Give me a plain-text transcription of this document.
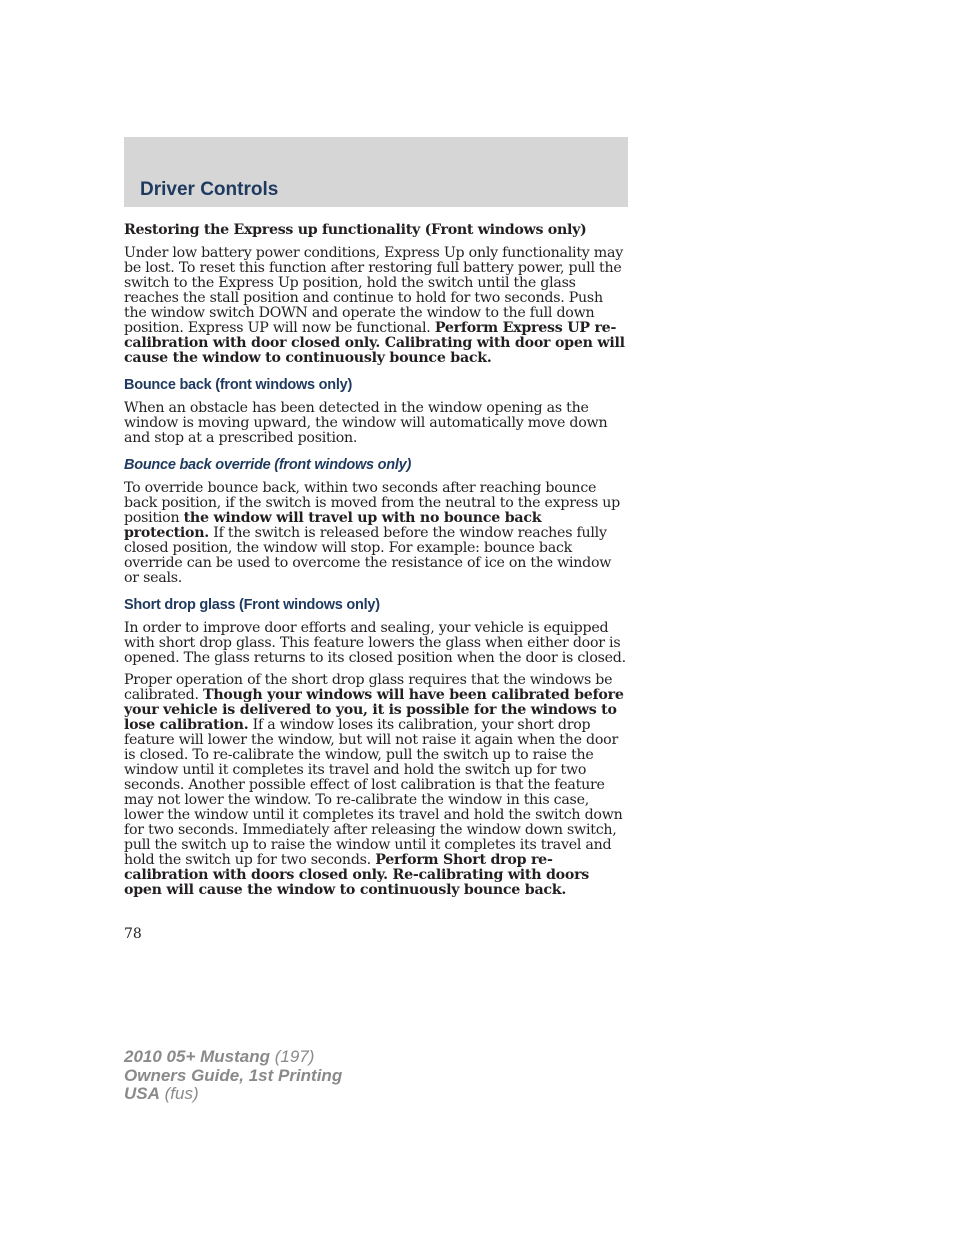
Driver Controls
Restoring the Express up functionality (Front windows only)

Under low battery power conditions, Express Up only functionality may be lost. To reset this function after restoring full battery power, pull the switch to the Express Up position, hold the switch until the glass reaches the stall position and continue to hold for two seconds. Push the window switch DOWN and operate the window to the full down position. Express UP will now be functional. Perform Express UP re-calibration with door closed only. Calibrating with door open will cause the window to continuously bounce back.

Bounce back (front windows only)

When an obstacle has been detected in the window opening as the window is moving upward, the window will automatically move down and stop at a prescribed position.

Bounce back override (front windows only)

To override bounce back, within two seconds after reaching bounce back position, if the switch is moved from the neutral to the express up position the window will travel up with no bounce back protection. If the switch is released before the window reaches fully closed position, the window will stop. For example: bounce back override can be used to overcome the resistance of ice on the window or seals.

Short drop glass (Front windows only)

In order to improve door efforts and sealing, your vehicle is equipped with short drop glass. This feature lowers the glass when either door is opened. The glass returns to its closed position when the door is closed.

Proper operation of the short drop glass requires that the windows be calibrated. Though your windows will have been calibrated before your vehicle is delivered to you, it is possible for the windows to lose calibration. If a window loses its calibration, your short drop feature will lower the window, but will not raise it again when the door is closed. To re-calibrate the window, pull the switch up to raise the window until it completes its travel and hold the switch up for two seconds. Another possible effect of lost calibration is that the feature may not lower the window. To re-calibrate the window in this case, lower the window until it completes its travel and hold the switch down for two seconds. Immediately after releasing the window down switch, pull the switch up to raise the window until it completes its travel and hold the switch up for two seconds. Perform Short drop re-calibration with doors closed only. Re-calibrating with doors open will cause the window to continuously bounce back.

78
2010 05+ Mustang (197)
Owners Guide, 1st Printing
USA (fus)
